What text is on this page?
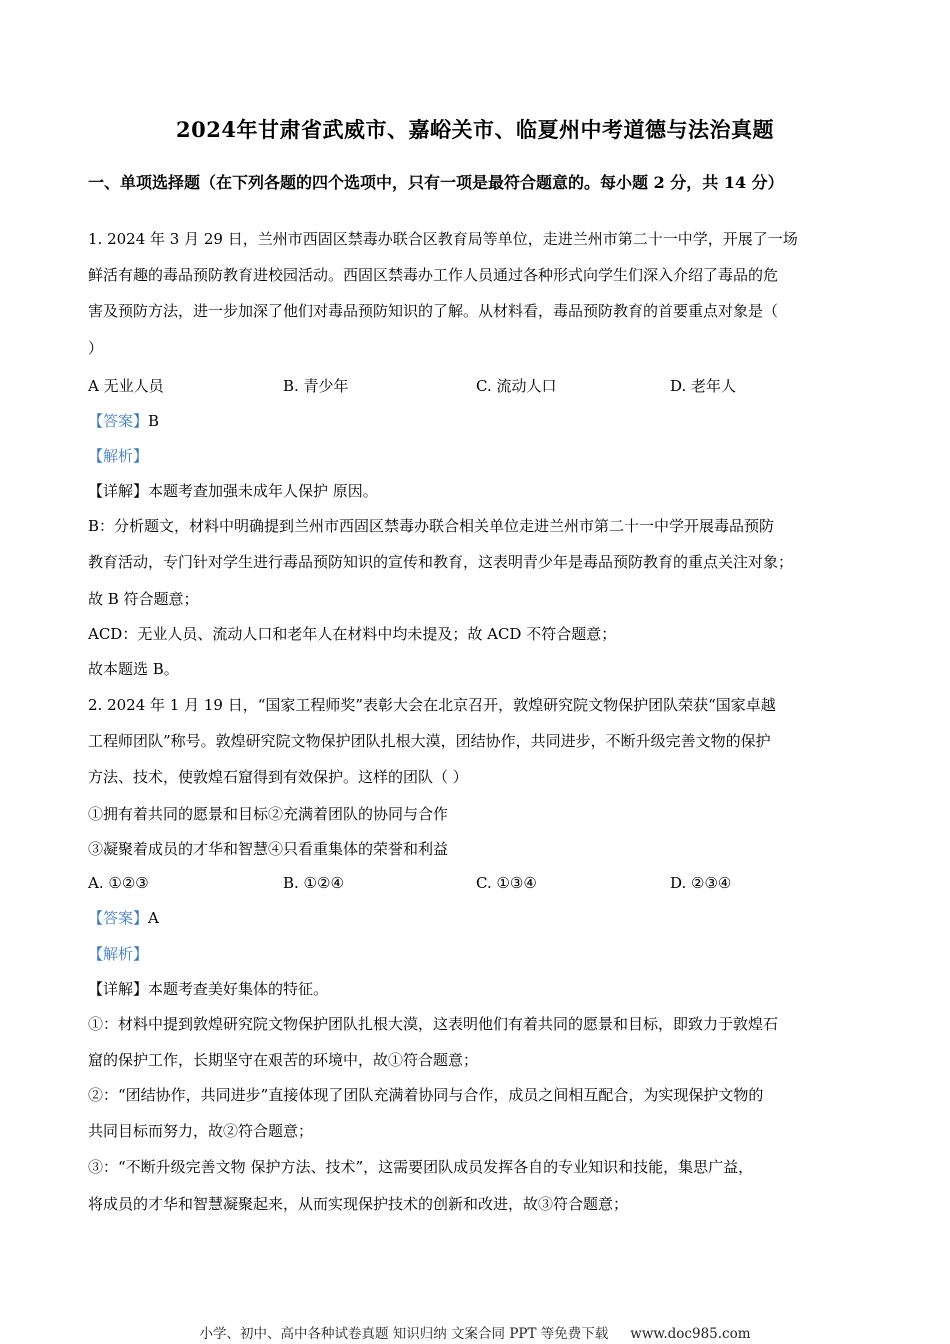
2024年甘肃省武威市、嘉峪关市、临夏州中考道德与法治真题
一、单项选择题（在下列各题的四个选项中，只有一项是最符合题意的。每小题 2 分，共 14 分）
1. 2024 年 3 月 29 日，兰州市西固区禁毒办联合区教育局等单位，走进兰州市第二十一中学，开展了一场
鲜活有趣的毒品预防教育进校园活动。西固区禁毒办工作人员通过各种形式向学生们深入介绍了毒品的危
害及预防方法，进一步加深了他们对毒品预防知识的了解。从材料看，毒品预防教育的首要重点对象是（
）
A 无业人员	B. 青少年	C. 流动人口	D. 老年人
【答案】B
【解析】
【详解】本题考查加强未成年人保护 原因。
B：分析题文，材料中明确提到兰州市西固区禁毒办联合相关单位走进兰州市第二十一中学开展毒品预防
教育活动，专门针对学生进行毒品预防知识的宣传和教育，这表明青少年是毒品预防教育的重点关注对象；
故 B 符合题意；
ACD：无业人员、流动人口和老年人在材料中均未提及；故 ACD 不符合题意；
故本题选 B。
2. 2024 年 1 月 19 日，“国家工程师奖”表彰大会在北京召开，敦煌研究院文物保护团队荣获“国家卓越
工程师团队”称号。敦煌研究院文物保护团队扎根大漠，团结协作，共同进步，不断升级完善文物的保护
方法、技术，使敦煌石窟得到有效保护。这样的团队（ ）
①拥有着共同的愿景和目标②充满着团队的协同与合作
③凝聚着成员的才华和智慧④只看重集体的荣誉和利益
A. ①②③	B. ①②④	C. ①③④	D. ②③④
【答案】A
【解析】
【详解】本题考查美好集体的特征。
①：材料中提到敦煌研究院文物保护团队扎根大漠，这表明他们有着共同的愿景和目标，即致力于敦煌石
窟的保护工作，长期坚守在艰苦的环境中，故①符合题意；
②：“团结协作，共同进步”直接体现了团队充满着协同与合作，成员之间相互配合，为实现保护文物的
共同目标而努力，故②符合题意；
③：“不断升级完善文物 保护方法、技术”，这需要团队成员发挥各自的专业知识和技能，集思广益，
将成员的才华和智慧凝聚起来，从而实现保护技术的创新和改进，故③符合题意；
小学、初中、高中各种试卷真题 知识归纳 文案合同 PPT 等免费下载 www.doc985.com
